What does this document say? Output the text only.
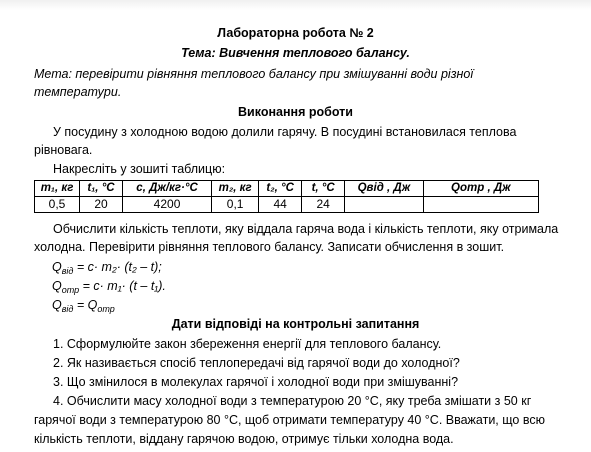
Лабораторна робота № 2
Тема: Вивчення теплового балансу.
Мета: перевірити рівняння теплового балансу при змішуванні води різної
температури.
Виконання роботи
У посудину з холодною водою долили гарячу. В посудині встановилася теплова
рівновага.
Накресліть у зошиті таблицю:
m₁, кг	t₁, °C	c, Дж/кг·°C	m₂, кг	t₂, °C	t, °C	Qвід , Дж	Qотр , Дж
0,5	20	4200	0,1	44	24		
Обчислити кількість теплоти, яку віддала гаряча вода і кількість теплоти, яку отримала
холодна. Перевірити рівняння теплового балансу. Записати обчислення в зошит.
$Q_{від} = c\cdot m_2\cdot (t_2 - t)$;
$Q_{отр} = c\cdot m_1\cdot (t - t_1)$.
$Q_{від} = Q_{отр}$
Дати відповіді на контрольні запитання
1. Сформулюйте закон збереження енергії для теплового балансу.
2. Як називається спосіб теплопередачі від гарячої води до холодної?
3. Що змінилося в молекулах гарячої і холодної води при змішуванні?
4. Обчислити масу холодної води з температурою 20 °C, яку треба змішати з 50 кг
гарячої води з температурою 80 °C, щоб отримати температуру 40 °C. Вважати, що всю
кількість теплоти, віддану гарячою водою, отримує тільки холодна вода.
